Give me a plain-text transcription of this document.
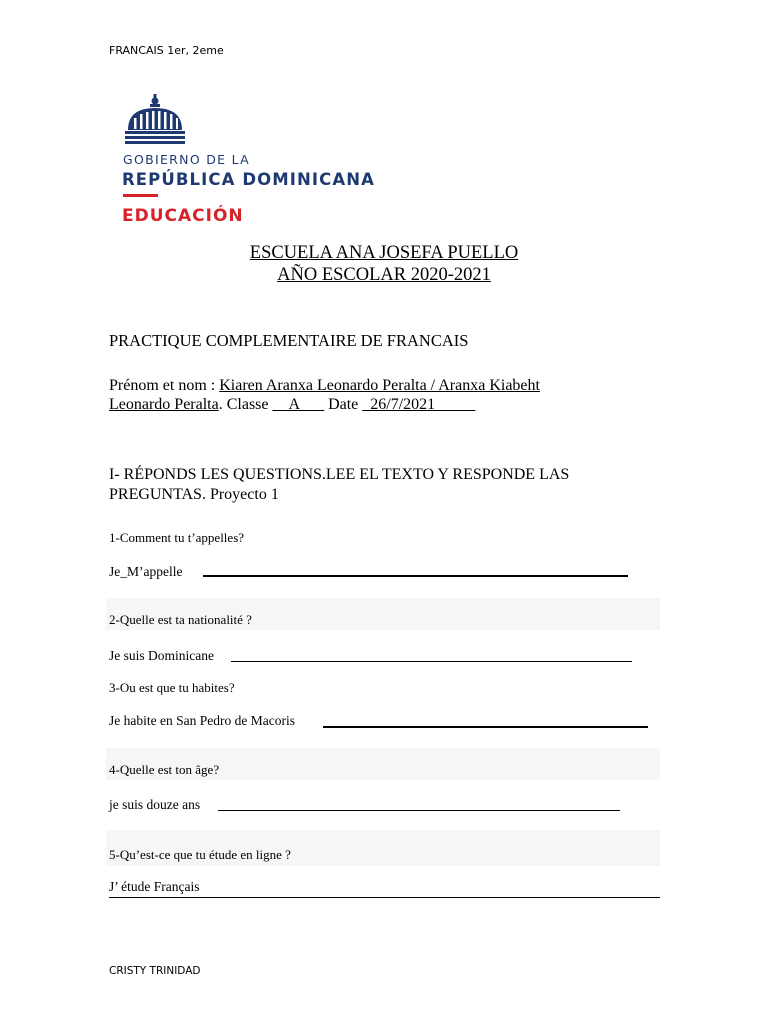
FRANCAIS 1er, 2eme
GOBIERNO DE LA
REPÚBLICA DOMINICANA
EDUCACIÓN
ESCUELA ANA JOSEFA PUELLO
AÑO ESCOLAR 2020-2021
PRACTIQUE COMPLEMENTAIRE DE FRANCAIS
Prénom et nom : Kiaren Aranxa Leonardo Peralta / Aranxa Kiabeht
Leonardo Peralta. Classe __A___ Date _26/7/2021_____
I- RÉPONDS LES QUESTIONS.LEE EL TEXTO Y RESPONDE LAS
PREGUNTAS. Proyecto 1
1-Comment tu t’appelles?
Je_M’appelle
2-Quelle est ta nationalité ?
Je suis Dominicane
3-Ou est que tu habites?
Je habite en San Pedro de Macoris
4-Quelle est ton âge?
je suis douze ans
5-Qu’est-ce que tu étude en ligne ?
J’ étude Français
CRISTY TRINIDAD
